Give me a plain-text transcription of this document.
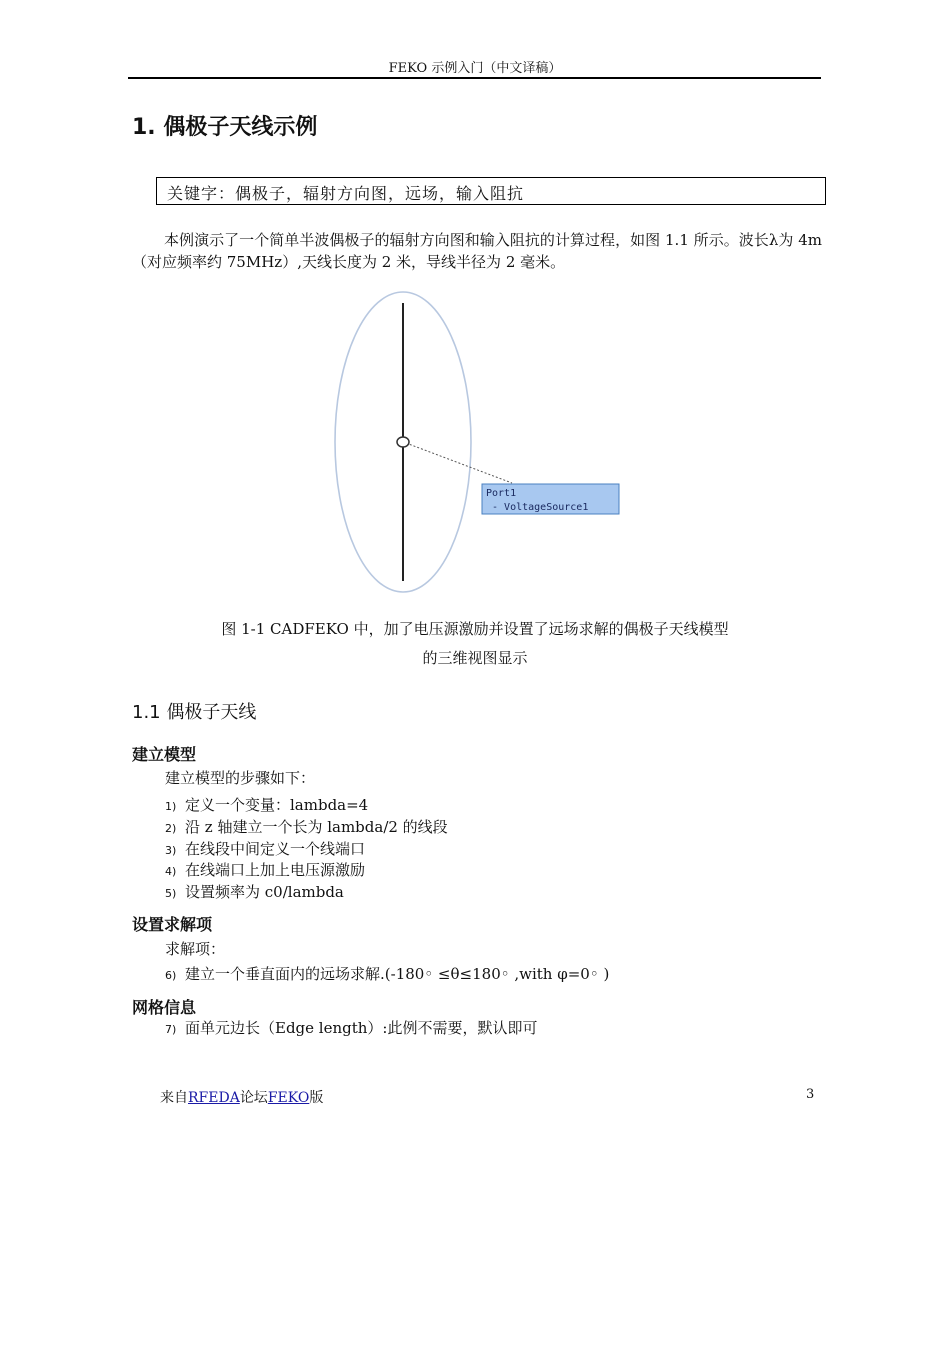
FEKO 示例入门（中文译稿）
1. 偶极子天线示例
关键字：偶极子，辐射方向图，远场，输入阻抗

本例演示了一个简单半波偶极子的辐射方向图和输入阻抗的计算过程，如图 1.1 所示。波长λ为 4m（对应频率约 75MHz）,天线长度为 2 米，导线半径为 2 毫米。

Port1
- VoltageSource1
图 1-1 CADFEKO 中，加了电压源激励并设置了远场求解的偶极子天线模型
的三维视图显示
1.1 偶极子天线
建立模型
建立模型的步骤如下：
1) 定义一个变量：lambda=4
2) 沿 z 轴建立一个长为 lambda/2 的线段
3) 在线段中间定义一个线端口
4) 在线端口上加上电压源激励
5) 设置频率为 c0/lambda
设置求解项
求解项：
6) 建立一个垂直面内的远场求解.(-180◦ ≤θ≤180◦ ,with φ=0◦ )
网格信息
7) 面单元边长（Edge length）:此例不需要，默认即可
来自RFEDA论坛FEKO版	3
